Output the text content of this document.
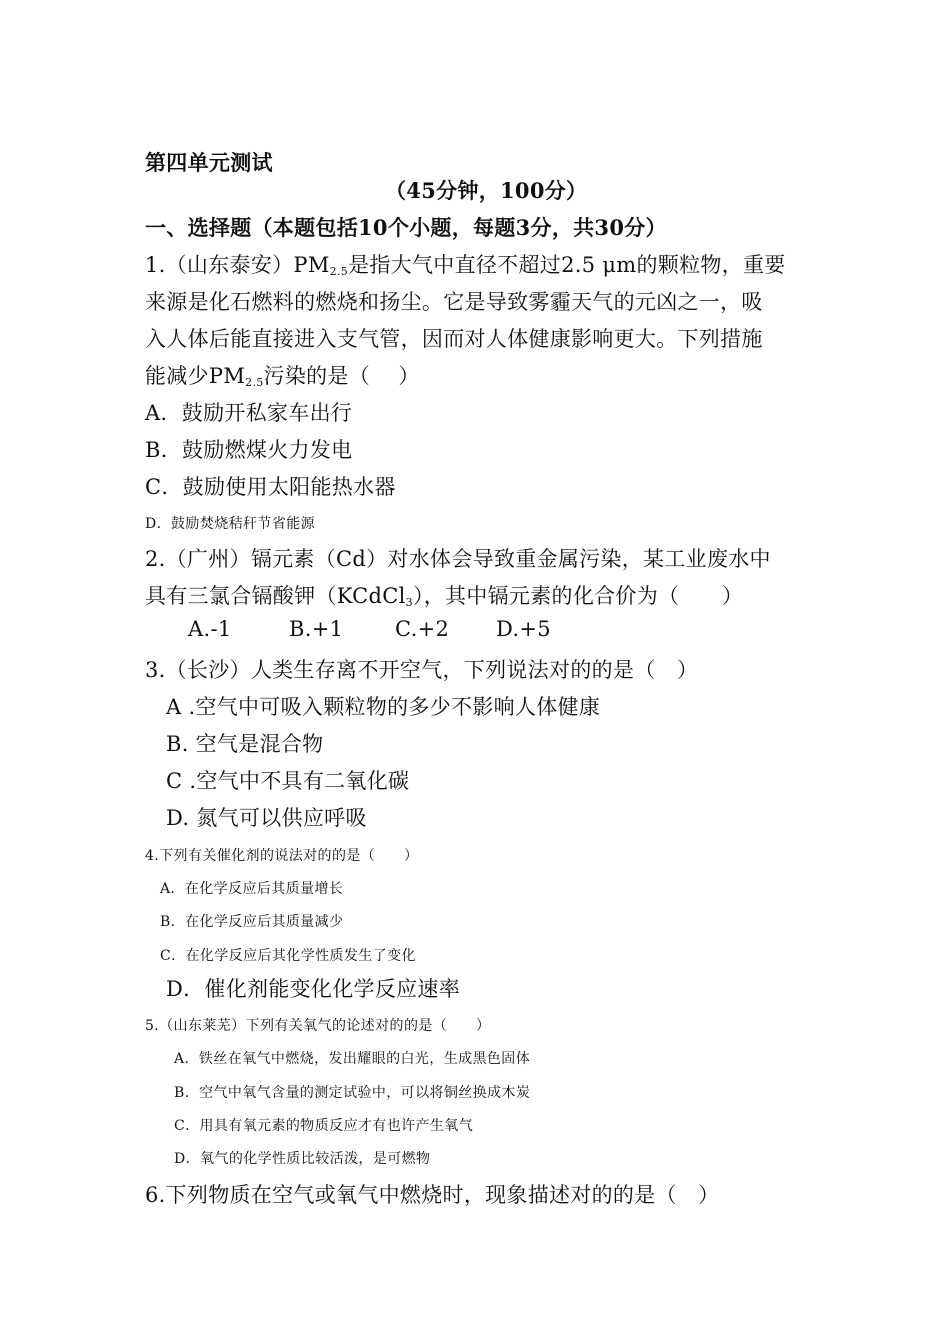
第四单元测试
（45分钟，100分）
一、选择题（本题包括10个小题，每题3分，共30分）
1.（山东泰安）$PM_{2.5}$是指大气中直径不超过2.5 μm的颗粒物，重要
来源是化石燃料的燃烧和扬尘。它是导致雾霾天气的元凶之一，吸
入人体后能直接进入支气管，因而对人体健康影响更大。下列措施
能减少$PM_{2.5}$污染的是（　 ）
A．鼓励开私家车出行
B．鼓励燃煤火力发电
C．鼓励使用太阳能热水器
D．鼓励焚烧秸秆节省能源
2.（广州）镉元素（Cd）对水体会导致重金属污染，某工业废水中
具有三氯合镉酸钾（KCdCl$_3$），其中镉元素的化合价为（　　）
A.-1	B.+1 C.+2 D.+5
3.（长沙）人类生存离不开空气，下列说法对的的是（　）
A .空气中可吸入颗粒物的多少不影响人体健康
B. 空气是混合物
C .空气中不具有二氧化碳
D. 氮气可以供应呼吸
4.下列有关催化剂的说法对的的是（　　）
A．在化学反应后其质量增长
B．在化学反应后其质量减少
C．在化学反应后其化学性质发生了变化
D．催化剂能变化化学反应速率
5.（山东莱芜）下列有关氧气的论述对的的是（　　）
A．铁丝在氧气中燃烧，发出耀眼的白光，生成黑色固体
B．空气中氧气含量的测定试验中，可以将铜丝换成木炭
C．用具有氧元素的物质反应才有也许产生氧气
D．氧气的化学性质比较活泼，是可燃物
6.下列物质在空气或氧气中燃烧时，现象描述对的的是（　）
